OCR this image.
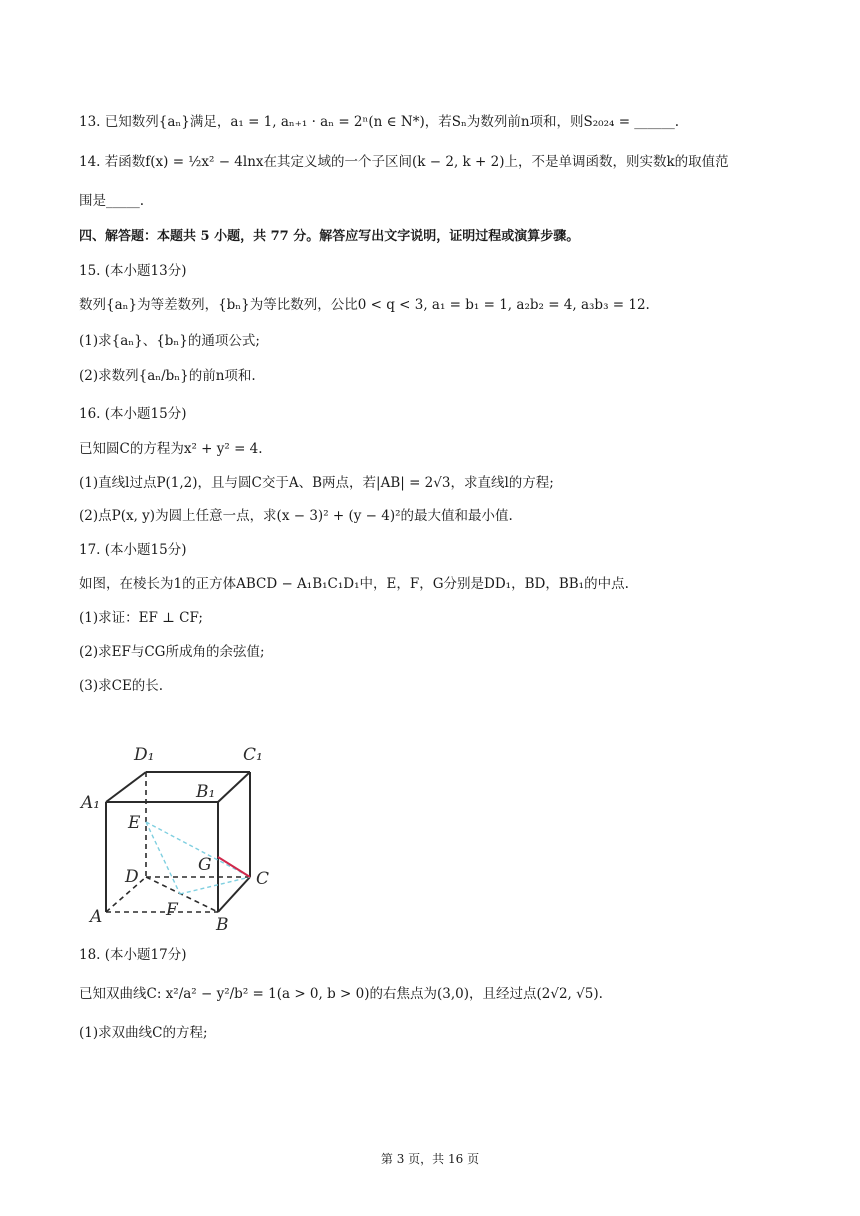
13. 已知数列{aₙ}满足，a₁ = 1, aₙ₊₁ · aₙ = 2ⁿ(n ∈ N*)，若Sₙ为数列前n项和，则S₂₀₂₄ = ______.
14. 若函数f(x) = ½x² − 4lnx在其定义域的一个子区间(k − 2, k + 2)上，不是单调函数，则实数k的取值范
围是_____.
四、解答题：本题共 5 小题，共 77 分。解答应写出文字说明，证明过程或演算步骤。
15. (本小题13分)
数列{aₙ}为等差数列，{bₙ}为等比数列，公比0 < q < 3, a₁ = b₁ = 1, a₂b₂ = 4, a₃b₃ = 12.
(1)求{aₙ}、{bₙ}的通项公式;
(2)求数列{aₙ/bₙ}的前n项和.
16. (本小题15分)
已知圆C的方程为x² + y² = 4.
(1)直线l过点P(1,2)，且与圆C交于A、B两点，若|AB| = 2√3，求直线l的方程;
(2)点P(x, y)为圆上任意一点，求(x − 3)² + (y − 4)²的最大值和最小值.
17. (本小题15分)
如图，在棱长为1的正方体ABCD − A₁B₁C₁D₁中，E，F，G分别是DD₁，BD，BB₁的中点.
(1)求证：EF ⊥ CF;
(2)求EF与CG所成角的余弦值;
(3)求CE的长.
D₁	C₁
A₁
B₁
E
G
D	C
F
A	B
18. (本小题17分)
已知双曲线C: x²/a² − y²/b² = 1(a > 0, b > 0)的右焦点为(3,0)，且经过点(2√2, √5).
(1)求双曲线C的方程;
第 3 页，共 16 页
